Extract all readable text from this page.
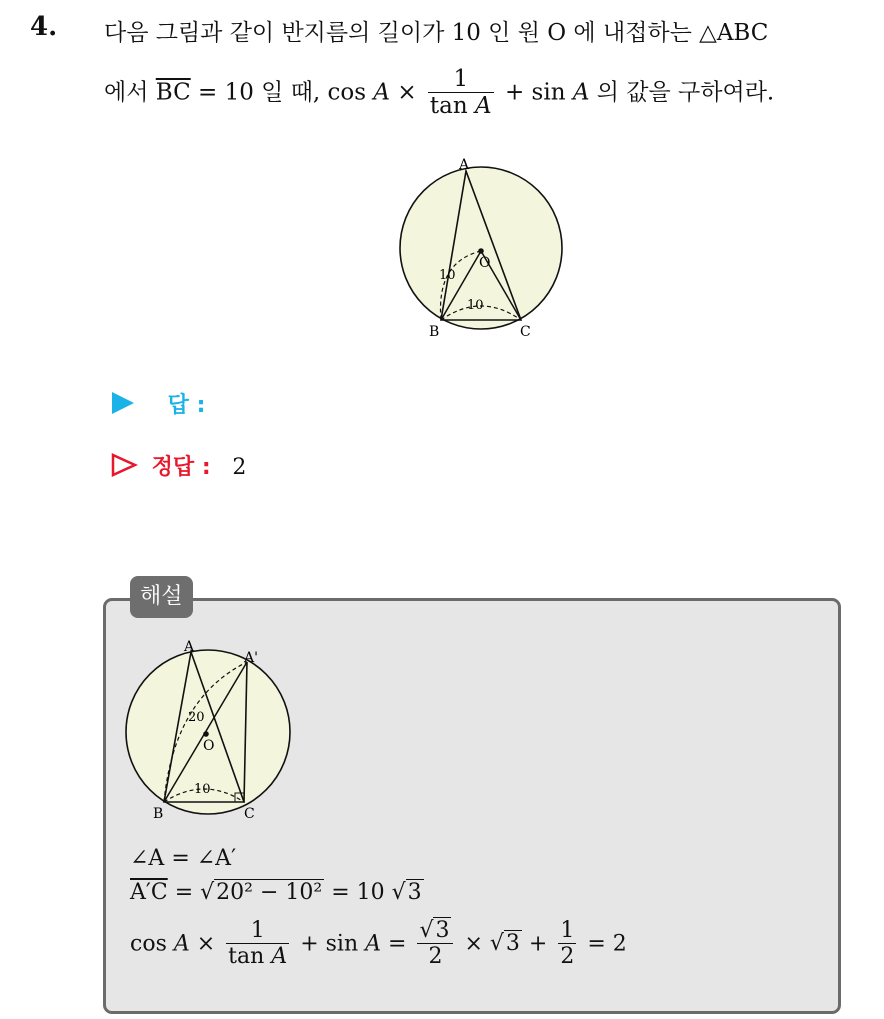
4. 다음 그림과 같이 반지름의 길이가 10 인 원 O 에 내접하는 △ABC
에서 $\overline{BC} = 10$ 일 때, $\cos A \times \frac{1}{\text{tan A}} + \sin A$ 의 값을 구하여라.
A
B	C
O
10
10
답 :
정답 : 2
해설
A
A'
B	C
O
20
10
∠A = ∠A′
A′C = √20² − 10² = 10 √3
$\cos A \times \frac{1}{\text{tan A}} + \sin A = \frac{√3}{2} \times √3 + \frac{1}{2} = 2$
